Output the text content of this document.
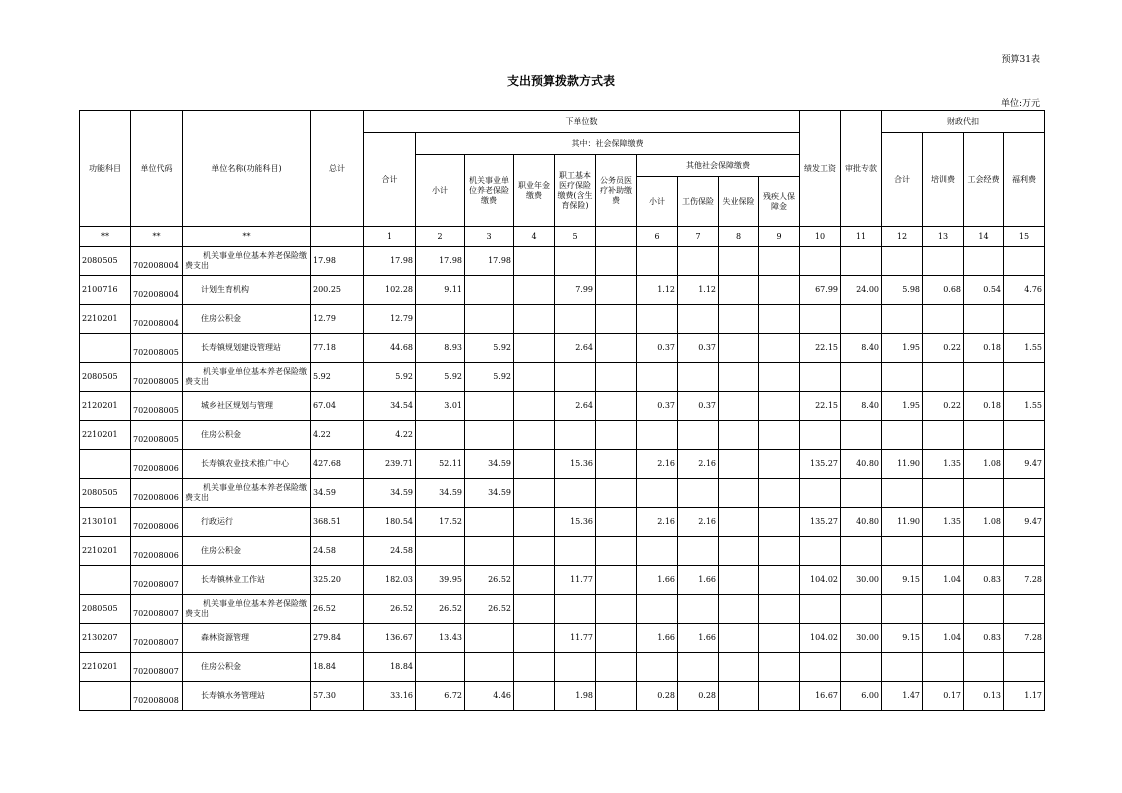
预算31表
支出预算拨款方式表
单位:万元
功能科目	单位代码	单位名称(功能科目)	总计	下单位数										绩发工资	审批专款	财政代扣			
				合计	其中：社会保障缴费											合计	培训费	工会经费	福利费
					小计	机关事业单位养老保险缴费	职业年金缴费	职工基本医疗保险缴费(含生育保险)	公务员医疗补助缴费	其他社会保障缴费									
										小计	工伤保险	失业保险	残疾人保障金						

**	**	**		1	2	3	4	5		6	7	8	9	10	11	12	13	14	15
2080505	702008004	机关事业单位基本养老保险缴费支出	17.98	17.98	17.98	17.98													
2100716	702008004	计划生育机构	200.25	102.28	9.11			7.99		1.12	1.12			67.99	24.00	5.98	0.68	0.54	4.76
2210201	702008004	住房公积金	12.79	12.79															
	702008005	长寿镇规划建设管理站	77.18	44.68	8.93	5.92		2.64		0.37	0.37			22.15	8.40	1.95	0.22	0.18	1.55
2080505	702008005	机关事业单位基本养老保险缴费支出	5.92	5.92	5.92	5.92													
2120201	702008005	城乡社区规划与管理	67.04	34.54	3.01			2.64		0.37	0.37			22.15	8.40	1.95	0.22	0.18	1.55
2210201	702008005	住房公积金	4.22	4.22															
	702008006	长寿镇农业技术推广中心	427.68	239.71	52.11	34.59		15.36		2.16	2.16			135.27	40.80	11.90	1.35	1.08	9.47
2080505	702008006	机关事业单位基本养老保险缴费支出	34.59	34.59	34.59	34.59													
2130101	702008006	行政运行	368.51	180.54	17.52			15.36		2.16	2.16			135.27	40.80	11.90	1.35	1.08	9.47
2210201	702008006	住房公积金	24.58	24.58															
	702008007	长寿镇林业工作站	325.20	182.03	39.95	26.52		11.77		1.66	1.66			104.02	30.00	9.15	1.04	0.83	7.28
2080505	702008007	机关事业单位基本养老保险缴费支出	26.52	26.52	26.52	26.52													
2130207	702008007	森林资源管理	279.84	136.67	13.43			11.77		1.66	1.66			104.02	30.00	9.15	1.04	0.83	7.28
2210201	702008007	住房公积金	18.84	18.84															
	702008008	长寿镇水务管理站	57.30	33.16	6.72	4.46		1.98		0.28	0.28			16.67	6.00	1.47	0.17	0.13	1.17
